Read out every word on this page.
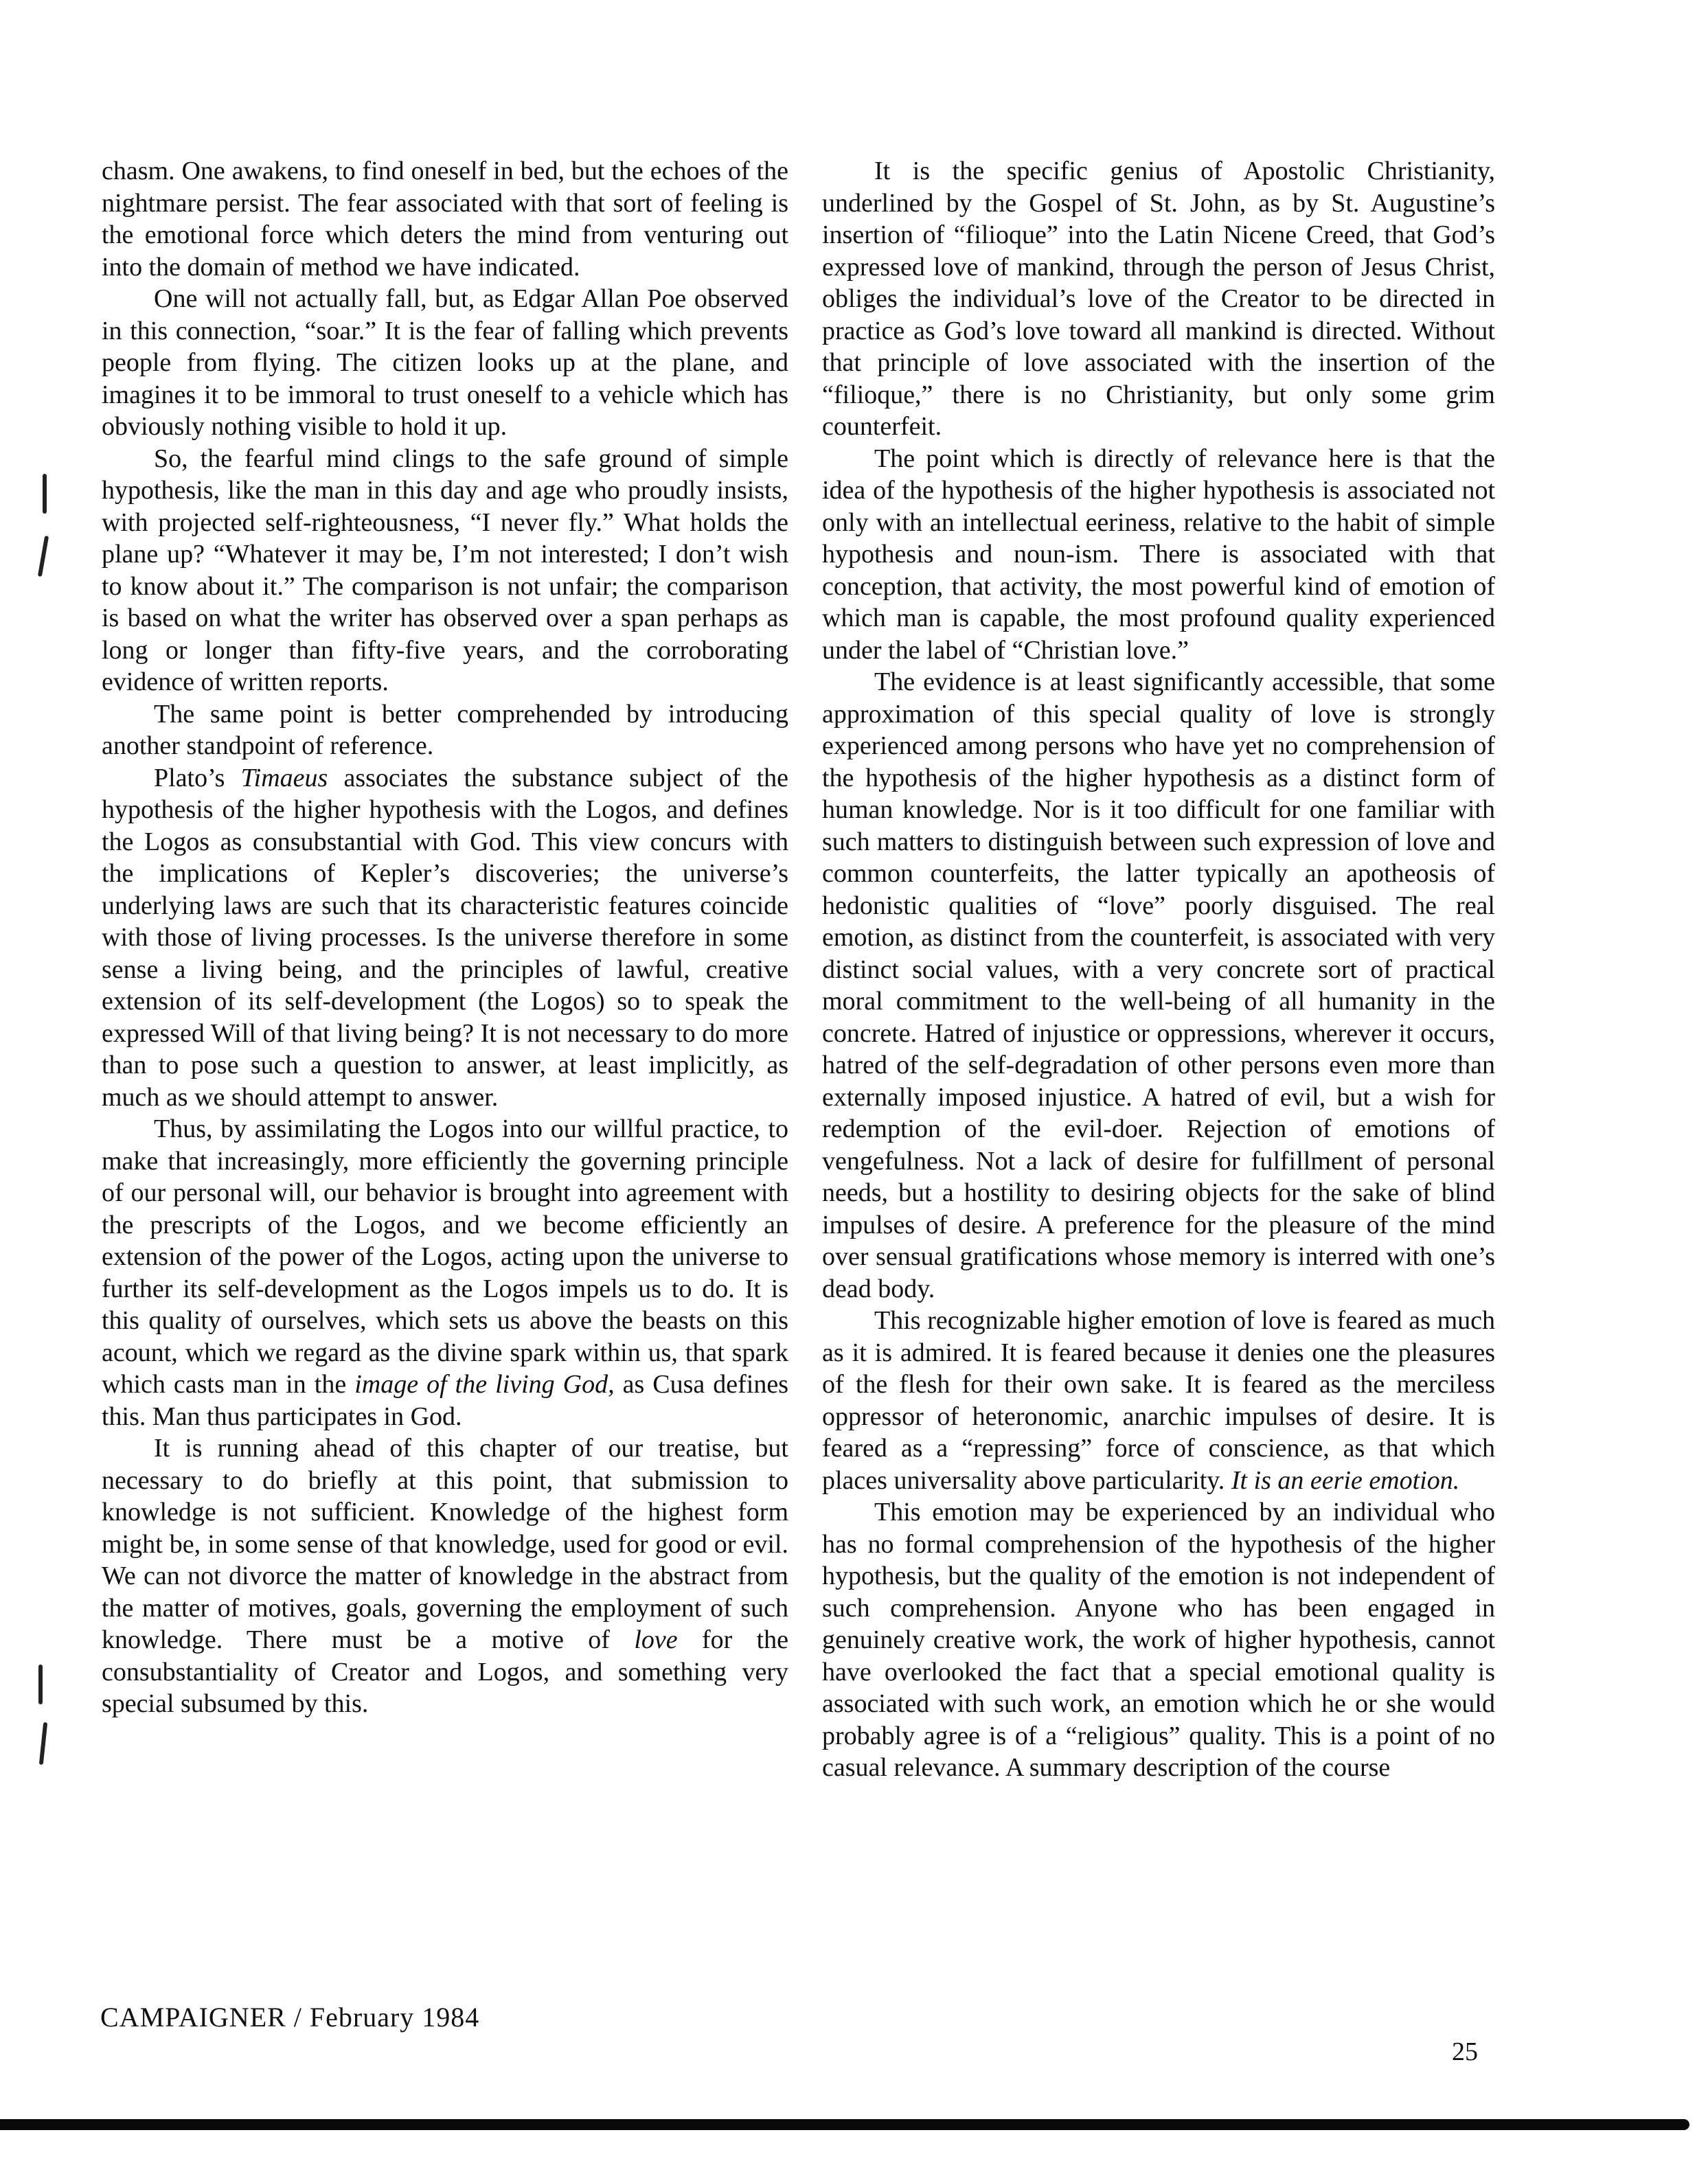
chasm. One awakens, to find oneself in bed, but the echoes of the nightmare persist. The fear associated with that sort of feeling is the emotional force which deters the mind from venturing out into the domain of method we have indicated.

One will not actually fall, but, as Edgar Allan Poe observed in this connection, “soar.” It is the fear of falling which prevents people from flying. The citizen looks up at the plane, and imagines it to be immoral to trust oneself to a vehicle which has obviously nothing visible to hold it up.

So, the fearful mind clings to the safe ground of simple hypothesis, like the man in this day and age who proudly insists, with projected self-righteousness, “I never fly.” What holds the plane up? “Whatever it may be, I’m not interested; I don’t wish to know about it.” The comparison is not unfair; the comparison is based on what the writer has observed over a span perhaps as long or longer than fifty-five years, and the corroborating evidence of written reports.

The same point is better comprehended by introducing another standpoint of reference.

Plato’s Timaeus associates the substance subject of the hypothesis of the higher hypothesis with the Logos, and defines the Logos as consubstantial with God. This view concurs with the implications of Kepler’s discoveries; the universe’s underlying laws are such that its characteristic features coincide with those of living processes. Is the universe therefore in some sense a living being, and the principles of lawful, creative extension of its self-development (the Logos) so to speak the expressed Will of that living being? It is not necessary to do more than to pose such a question to answer, at least implicitly, as much as we should attempt to answer.

Thus, by assimilating the Logos into our willful practice, to make that increasingly, more efficiently the governing principle of our personal will, our behavior is brought into agreement with the prescripts of the Logos, and we become efficiently an extension of the power of the Logos, acting upon the universe to further its self-development as the Logos impels us to do. It is this quality of ourselves, which sets us above the beasts on this acount, which we regard as the divine spark within us, that spark which casts man in the image of the living God, as Cusa defines this. Man thus participates in God.

It is running ahead of this chapter of our treatise, but necessary to do briefly at this point, that submission to knowledge is not sufficient. Knowledge of the highest form might be, in some sense of that knowledge, used for good or evil. We can not divorce the matter of knowledge in the abstract from the matter of motives, goals, governing the employment of such knowledge. There must be a motive of love for the consubstantiality of Creator and Logos, and something very special subsumed by this.

It is the specific genius of Apostolic Christianity, underlined by the Gospel of St. John, as by St. Augustine’s insertion of “filioque” into the Latin Nicene Creed, that God’s expressed love of mankind, through the person of Jesus Christ, obliges the individual’s love of the Creator to be directed in practice as God’s love toward all mankind is directed. Without that principle of love associated with the insertion of the “filioque,” there is no Christianity, but only some grim counterfeit.

The point which is directly of relevance here is that the idea of the hypothesis of the higher hypothesis is associated not only with an intellectual eeriness, relative to the habit of simple hypothesis and noun-ism. There is associated with that conception, that activity, the most powerful kind of emotion of which man is capable, the most profound quality experienced under the label of “Christian love.”

The evidence is at least significantly accessible, that some approximation of this special quality of love is strongly experienced among persons who have yet no comprehension of the hypothesis of the higher hypothesis as a distinct form of human knowledge. Nor is it too difficult for one familiar with such matters to distinguish between such expression of love and common counterfeits, the latter typically an apotheosis of hedonistic qualities of “love” poorly disguised. The real emotion, as distinct from the counterfeit, is associated with very distinct social values, with a very concrete sort of practical moral commitment to the well-being of all humanity in the concrete. Hatred of injustice or oppressions, wherever it occurs, hatred of the self-degradation of other persons even more than externally imposed injustice. A hatred of evil, but a wish for redemption of the evil-doer. Rejection of emotions of vengefulness. Not a lack of desire for fulfillment of personal needs, but a hostility to desiring objects for the sake of blind impulses of desire. A preference for the pleasure of the mind over sensual gratifications whose memory is interred with one’s dead body.

This recognizable higher emotion of love is feared as much as it is admired. It is feared because it denies one the pleasures of the flesh for their own sake. It is feared as the merciless oppressor of heteronomic, anarchic impulses of desire. It is feared as a “repressing” force of conscience, as that which places universality above particularity. It is an eerie emotion.

This emotion may be experienced by an individual who has no formal comprehension of the hypothesis of the higher hypothesis, but the quality of the emotion is not independent of such comprehension. Anyone who has been engaged in genuinely creative work, the work of higher hypothesis, cannot have overlooked the fact that a special emotional quality is associated with such work, an emotion which he or she would probably agree is of a “religious” quality. This is a point of no casual relevance. A summary description of the course

CAMPAIGNER / February 1984
25
